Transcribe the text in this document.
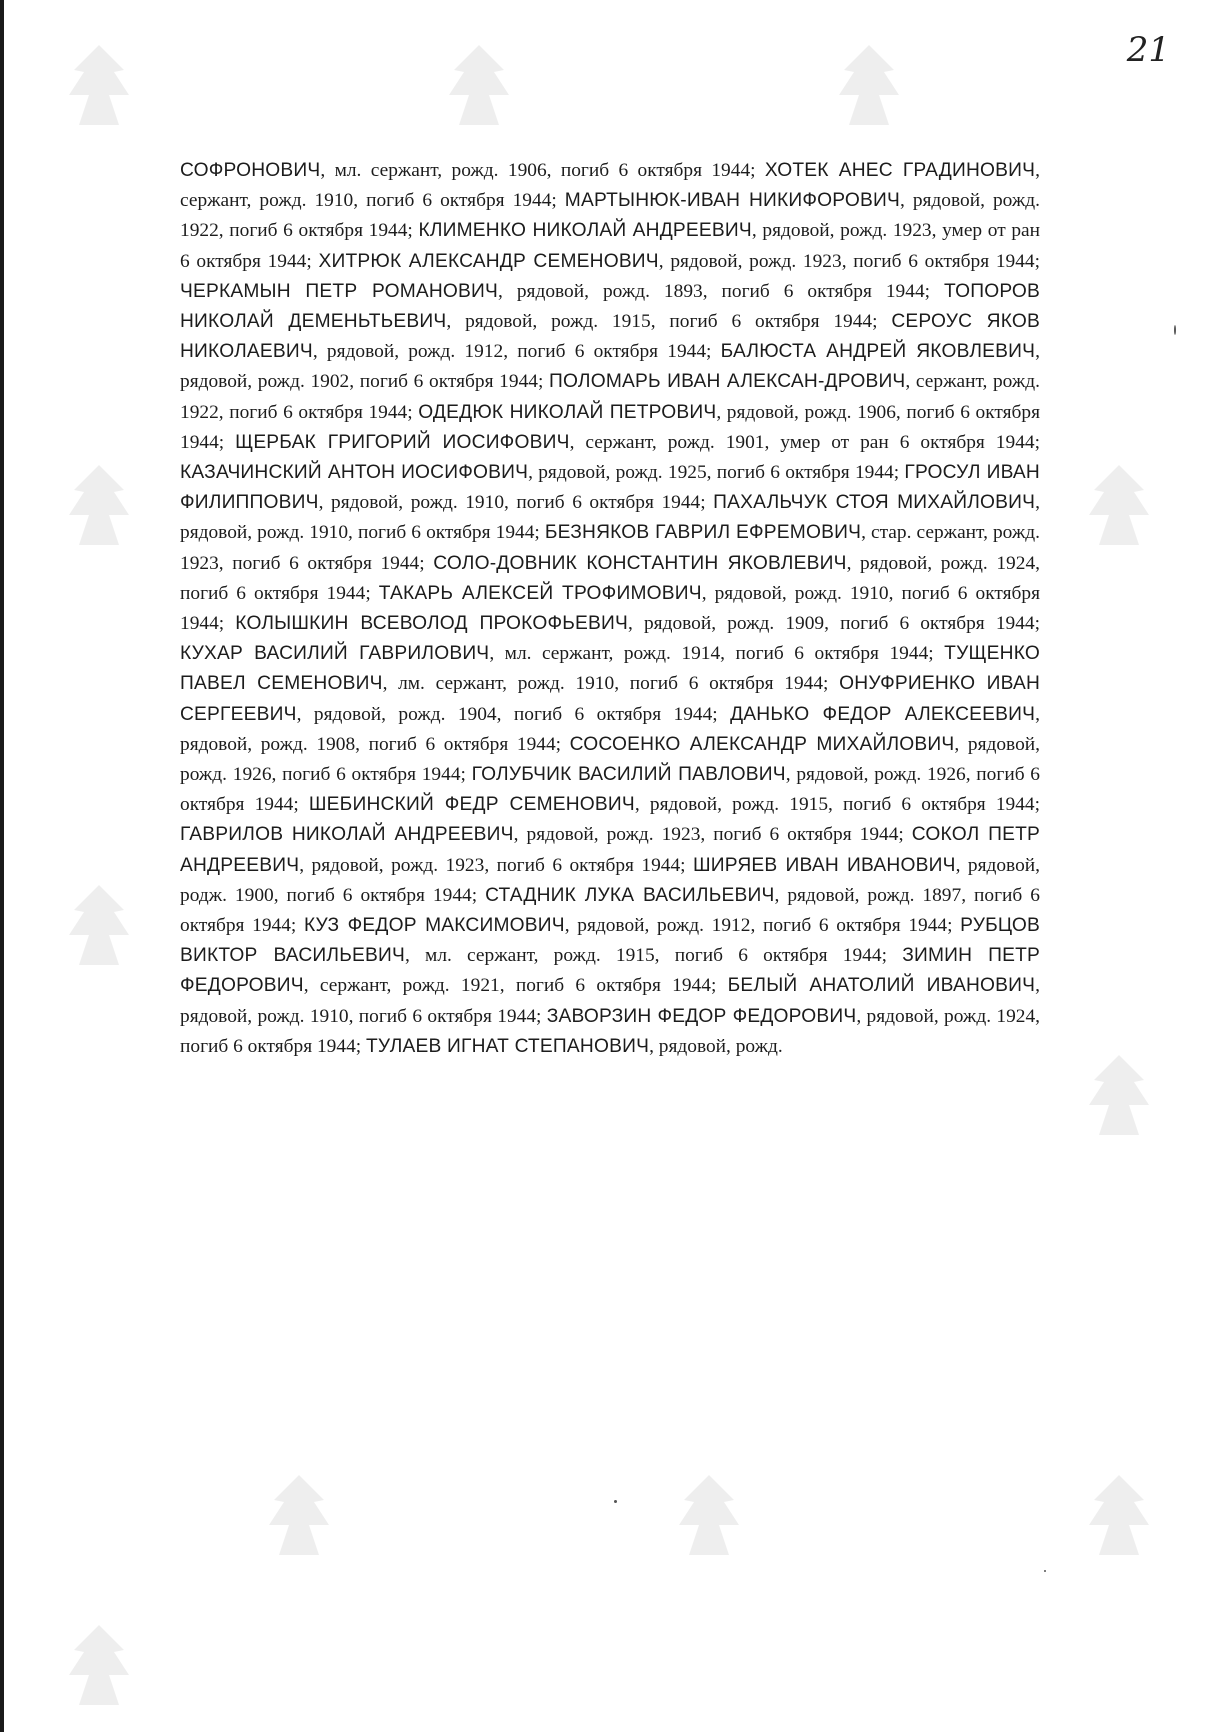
21

СОФРОНОВИЧ, мл. сержант, рожд. 1906, погиб 6 октября 1944; ХОТЕК АНЕС ГРАДИНОВИЧ, сержант, рожд. 1910, погиб 6 октября 1944; МАРТЫНЮК-ИВАН НИКИФОРОВИЧ, рядовой, рожд. 1922, погиб 6 октября 1944; КЛИМЕНКО НИКОЛАЙ АНДРЕЕВИЧ, рядовой, рожд. 1923, умер от ран 6 октября 1944; ХИТРЮК АЛЕКСАНДР СЕМЕНОВИЧ, рядовой, рожд. 1923, погиб 6 октября 1944; ЧЕРКАМЫН ПЕТР РОМАНОВИЧ, рядовой, рожд. 1893, погиб 6 октября 1944; ТОПОРОВ НИКОЛАЙ ДЕМЕНЬТЬЕВИЧ, рядовой, рожд. 1915, погиб 6 октября 1944; СЕРОУС ЯКОВ НИКОЛАЕВИЧ, рядовой, рожд. 1912, погиб 6 октября 1944; БАЛЮСТА АНДРЕЙ ЯКОВЛЕВИЧ, рядовой, рожд. 1902, погиб 6 октября 1944; ПОЛОМАРЬ ИВАН АЛЕКСАН-ДРОВИЧ, сержант, рожд. 1922, погиб 6 октября 1944; ОДЕДЮК НИКОЛАЙ ПЕТРОВИЧ, рядовой, рожд. 1906, погиб 6 октября 1944; ЩЕРБАК ГРИГОРИЙ ИОСИФОВИЧ, сержант, рожд. 1901, умер от ран 6 октября 1944; КАЗАЧИНСКИЙ АНТОН ИОСИФОВИЧ, рядовой, рожд. 1925, погиб 6 октября 1944; ГРОСУЛ ИВАН ФИЛИППОВИЧ, рядовой, рожд. 1910, погиб 6 октября 1944; ПАХАЛЬЧУК СТОЯ МИХАЙЛОВИЧ, рядовой, рожд. 1910, погиб 6 октября 1944; БЕЗНЯКОВ ГАВРИЛ ЕФРЕМОВИЧ, стар. сержант, рожд. 1923, погиб 6 октября 1944; СОЛО-ДОВНИК КОНСТАНТИН ЯКОВЛЕВИЧ, рядовой, рожд. 1924, погиб 6 октября 1944; ТАКАРЬ АЛЕКСЕЙ ТРОФИМОВИЧ, рядовой, рожд. 1910, погиб 6 октября 1944; КОЛЫШКИН ВСЕВОЛОД ПРОКОФЬЕВИЧ, рядовой, рожд. 1909, погиб 6 октября 1944; КУХАР ВАСИЛИЙ ГАВРИЛОВИЧ, мл. сержант, рожд. 1914, погиб 6 октября 1944; ТУЩЕНКО ПАВЕЛ СЕМЕНОВИЧ, лм. сержант, рожд. 1910, погиб 6 октября 1944; ОНУФРИЕНКО ИВАН СЕРГЕЕВИЧ, рядовой, рожд. 1904, погиб 6 октября 1944; ДАНЬКО ФЕДОР АЛЕКСЕЕВИЧ, рядовой, рожд. 1908, погиб 6 октября 1944; СОСОЕНКО АЛЕКСАНДР МИХАЙЛОВИЧ, рядовой, рожд. 1926, погиб 6 октября 1944; ГОЛУБЧИК ВАСИЛИЙ ПАВЛОВИЧ, рядовой, рожд. 1926, погиб 6 октября 1944; ШЕБИНСКИЙ ФЕДР СЕМЕНОВИЧ, рядовой, рожд. 1915, погиб 6 октября 1944; ГАВРИЛОВ НИКОЛАЙ АНДРЕЕВИЧ, рядовой, рожд. 1923, погиб 6 октября 1944; СОКОЛ ПЕТР АНДРЕЕВИЧ, рядовой, рожд. 1923, погиб 6 октября 1944; ШИРЯЕВ ИВАН ИВАНОВИЧ, рядовой, родж. 1900, погиб 6 октября 1944; СТАДНИК ЛУКА ВАСИЛЬЕВИЧ, рядовой, рожд. 1897, погиб 6 октября 1944; КУЗ ФЕДОР МАКСИМОВИЧ, рядовой, рожд. 1912, погиб 6 октября 1944; РУБЦОВ ВИКТОР ВАСИЛЬЕВИЧ, мл. сержант, рожд. 1915, погиб 6 октября 1944; ЗИМИН ПЕТР ФЕДОРОВИЧ, сержант, рожд. 1921, погиб 6 октября 1944; БЕЛЫЙ АНАТОЛИЙ ИВАНОВИЧ, рядовой, рожд. 1910, погиб 6 октября 1944; ЗАВОРЗИН ФЕДОР ФЕДОРОВИЧ, рядовой, рожд. 1924, погиб 6 октября 1944; ТУЛАЕВ ИГНАТ СТЕПАНОВИЧ, рядовой, рожд.
